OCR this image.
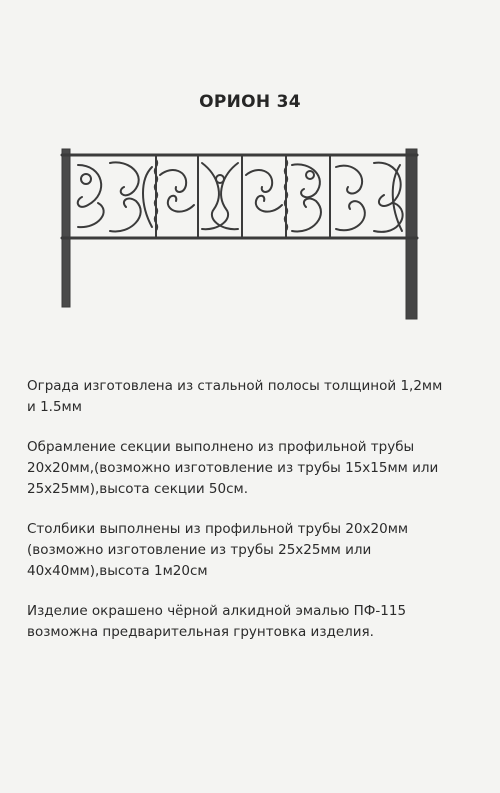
ОРИОН 34

Ограда изготовлена из стальной полосы толщиной 1,2мм
и 1.5мм

Обрамление секции выполнено из профильной трубы
20х20мм,(возможно изготовление из трубы 15х15мм или
25х25мм),высота секции 50см.

Столбики выполнены из профильной трубы 20х20мм
(возможно изготовление из трубы 25х25мм или
40х40мм),высота 1м20см

Изделие окрашено чёрной алкидной эмалью ПФ-115
возможна предварительная грунтовка изделия.
